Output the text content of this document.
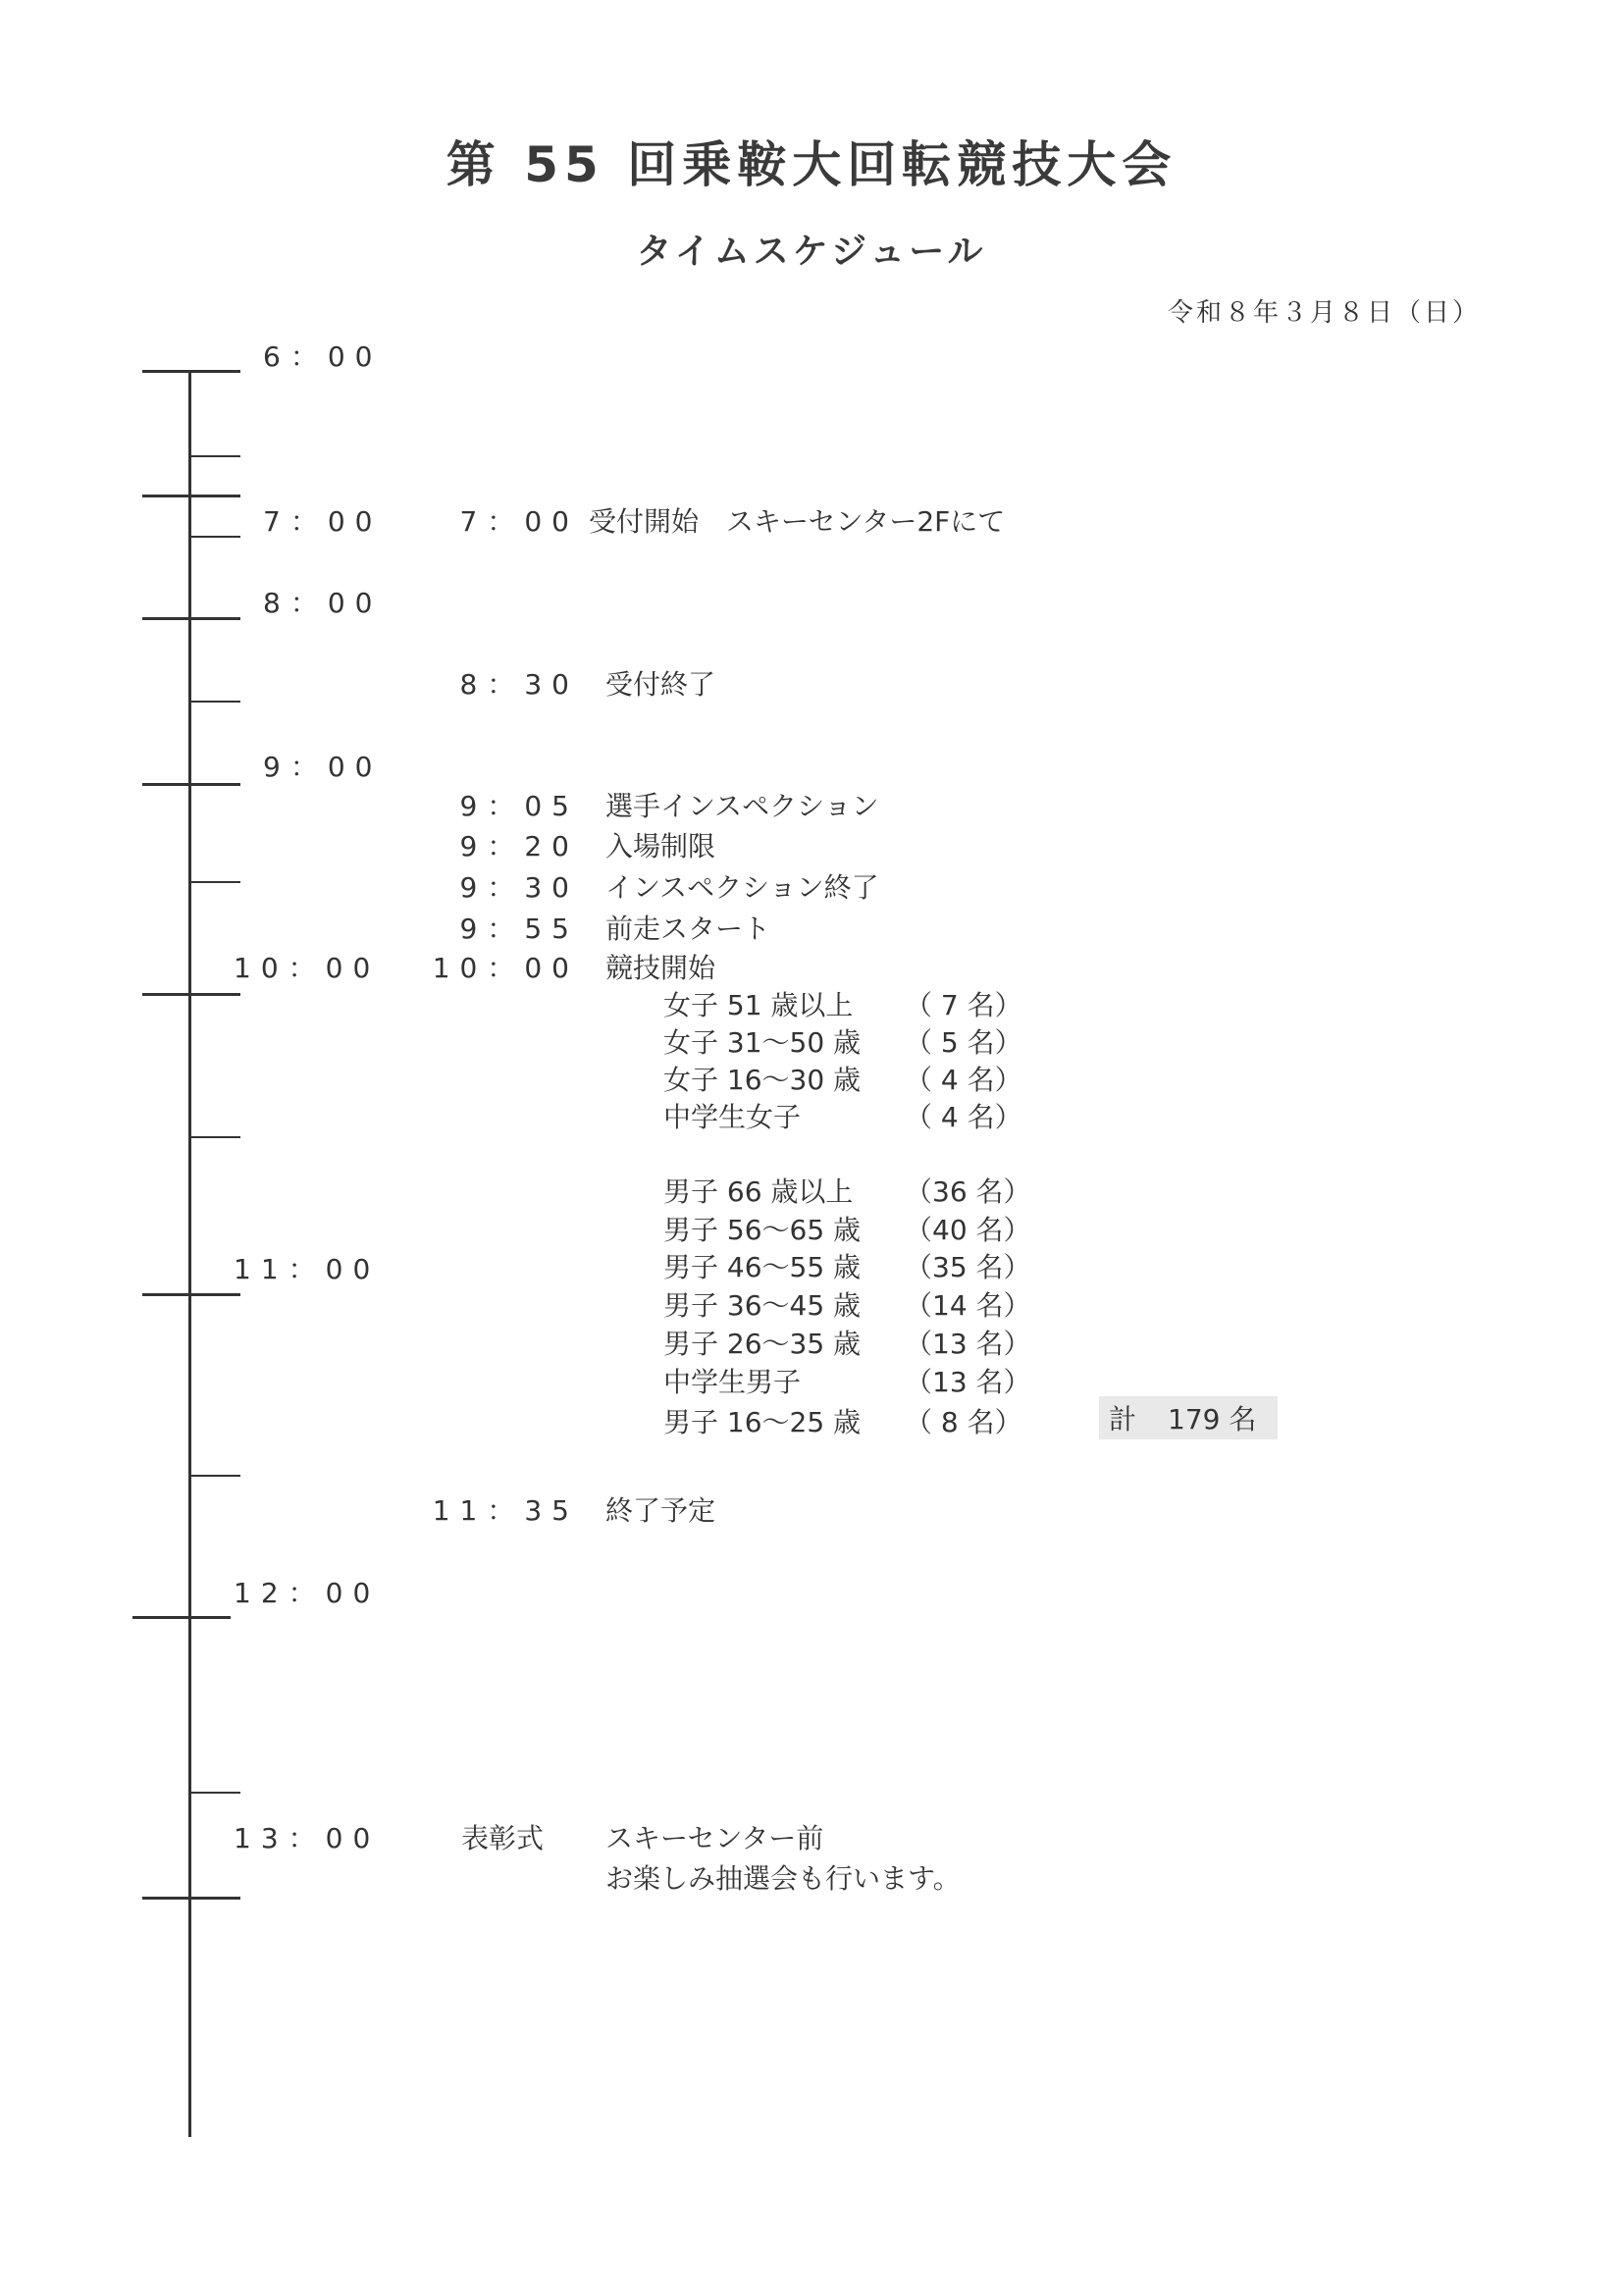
第 55 回乗鞍大回転競技大会
タイムスケジュール
令和８年３月８日（日）
6：00
7：00
8：00
9：00
10：00
11：00
12：00
13：00
7：00 受付開始　スキーセンター2Fにて
8：30 受付終了
9：05 選手インスペクション
9：20 入場制限
9：30 インスペクション終了
9：55 前走スタート
10：00 競技開始
11：35 終了予定
女子 51 歳以上 （ 7 名）
女子 31～50 歳 （ 5 名）
女子 16～30 歳 （ 4 名）
中学生女子	（ 4 名）
男子 66 歳以上 （36 名）
男子 56～65 歳 （40 名）
男子 46～55 歳 （35 名）
男子 36～45 歳 （14 名）
男子 26～35 歳 （13 名）
中学生男子	（13 名）
男子 16～25 歳 （ 8 名）	計 179 名
表彰式 スキーセンター前
お楽しみ抽選会も行います。
